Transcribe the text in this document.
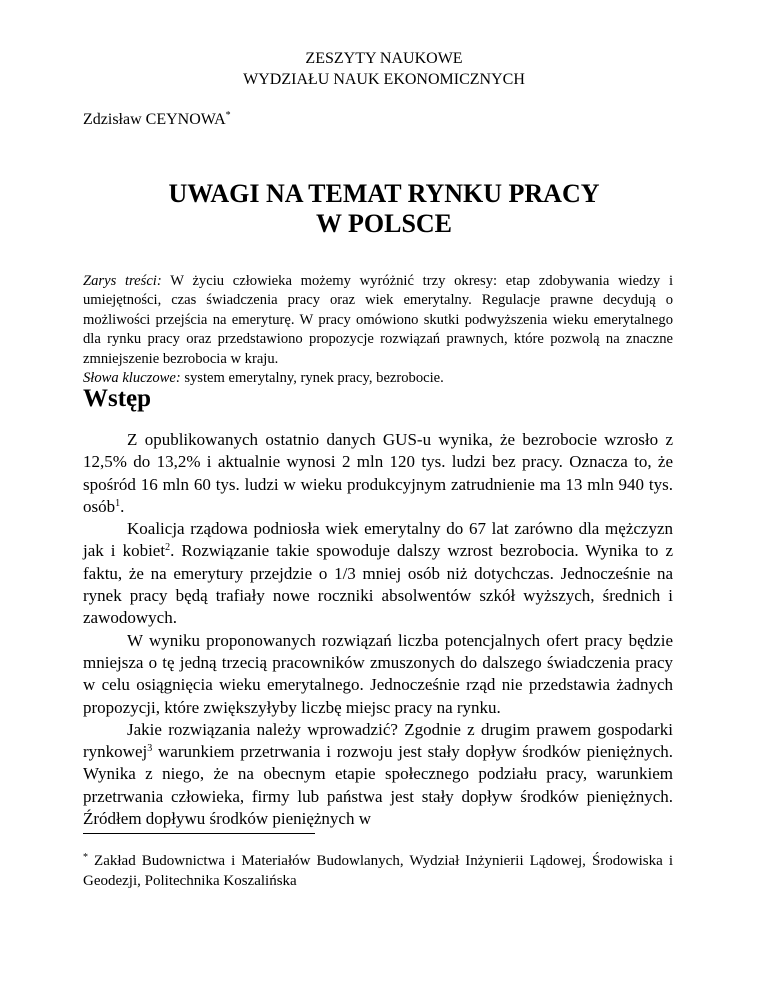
ZESZYTY NAUKOWE
WYDZIAŁU NAUK EKONOMICZNYCH
Zdzisław CEYNOWA*
UWAGI NA TEMAT RYNKU PRACY
W POLSCE

Zarys treści: W życiu człowieka możemy wyróżnić trzy okresy: etap zdobywania wiedzy i umiejętności, czas świadczenia pracy oraz wiek emerytalny. Regulacje prawne decydują o możliwości przejścia na emeryturę. W pracy omówiono skutki podwyższenia wieku emerytalnego dla rynku pracy oraz przedstawiono propozycje rozwiązań prawnych, które pozwolą na znaczne zmniejszenie bezrobocia w kraju.

Słowa kluczowe: system emerytalny, rynek pracy, bezrobocie.

Wstęp

Z opublikowanych ostatnio danych GUS-u wynika, że bezrobocie wzrosło z 12,5% do 13,2% i aktualnie wynosi 2 mln 120 tys. ludzi bez pracy. Oznacza to, że spośród 16 mln 60 tys. ludzi w wieku produkcyjnym zatrudnienie ma 13 mln 940 tys. osób$^1$.

Koalicja rządowa podniosła wiek emerytalny do 67 lat zarówno dla mężczyzn jak i kobiet$^2$. Rozwiązanie takie spowoduje dalszy wzrost bezrobocia. Wynika to z faktu, że na emerytury przejdzie o 1/3 mniej osób niż dotychczas. Jednocześnie na rynek pracy będą trafiały nowe roczniki absolwentów szkół wyższych, średnich i zawodowych.

W wyniku proponowanych rozwiązań liczba potencjalnych ofert pracy będzie mniejsza o tę jedną trzecią pracowników zmuszonych do dalszego świadczenia pracy w celu osiągnięcia wieku emerytalnego. Jednocześnie rząd nie przedstawia żadnych propozycji, które zwiększyłyby liczbę miejsc pracy na rynku.

Jakie rozwiązania należy wprowadzić? Zgodnie z drugim prawem gospodarki rynkowej$^3$ warunkiem przetrwania i rozwoju jest stały dopływ środków pieniężnych. Wynika z niego, że na obecnym etapie społecznego podziału pracy, warunkiem przetrwania człowieka, firmy lub państwa jest stały dopływ środków pieniężnych. Źródłem dopływu środków pieniężnych w

* Zakład Budownictwa i Materiałów Budowlanych, Wydział Inżynierii Lądowej, Środowiska i Geodezji, Politechnika Koszalińska
